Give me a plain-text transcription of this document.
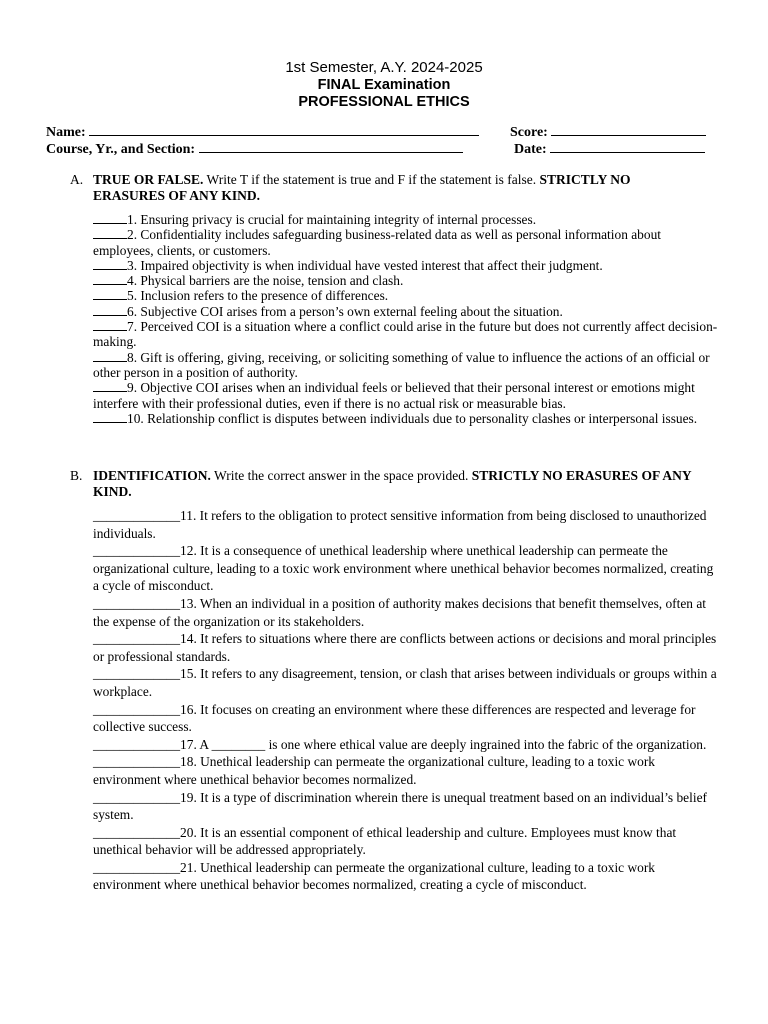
1st Semester, A.Y. 2024-2025
FINAL Examination
PROFESSIONAL ETHICS
Name:	Score:
Course, Yr., and Section:	Date:
A. TRUE OR FALSE. Write T if the statement is true and F if the statement is false. STRICTLY NO ERASURES OF ANY KIND.

1. Ensuring privacy is crucial for maintaining integrity of internal processes.

2. Confidentiality includes safeguarding business-related data as well as personal information about employees, clients, or customers.

3. Impaired objectivity is when individual have vested interest that affect their judgment.

4. Physical barriers are the noise, tension and clash.

5. Inclusion refers to the presence of differences.

6. Subjective COI arises from a person’s own external feeling about the situation.

7. Perceived COI is a situation where a conflict could arise in the future but does not currently affect decision-making.

8. Gift is offering, giving, receiving, or soliciting something of value to influence the actions of an official or other person in a position of authority.

9. Objective COI arises when an individual feels or believed that their personal interest or emotions might interfere with their professional duties, even if there is no actual risk or measurable bias.

10. Relationship conflict is disputes between individuals due to personality clashes or interpersonal issues.

B. IDENTIFICATION. Write the correct answer in the space provided. STRICTLY NO ERASURES OF ANY KIND.

_____________11. It refers to the obligation to protect sensitive information from being disclosed to unauthorized individuals.

_____________12. It is a consequence of unethical leadership where unethical leadership can permeate the organizational culture, leading to a toxic work environment where unethical behavior becomes normalized, creating a cycle of misconduct.

_____________13. When an individual in a position of authority makes decisions that benefit themselves, often at the expense of the organization or its stakeholders.

_____________14. It refers to situations where there are conflicts between actions or decisions and moral principles or professional standards.

_____________15. It refers to any disagreement, tension, or clash that arises between individuals or groups within a workplace.

_____________16. It focuses on creating an environment where these differences are respected and leverage for collective success.

_____________17. A ________ is one where ethical value are deeply ingrained into the fabric of the organization.

_____________18. Unethical leadership can permeate the organizational culture, leading to a toxic work environment where unethical behavior becomes normalized.

_____________19. It is a type of discrimination wherein there is unequal treatment based on an individual’s belief system.

_____________20. It is an essential component of ethical leadership and culture. Employees must know that unethical behavior will be addressed appropriately.

_____________21. Unethical leadership can permeate the organizational culture, leading to a toxic work environment where unethical behavior becomes normalized, creating a cycle of misconduct.
